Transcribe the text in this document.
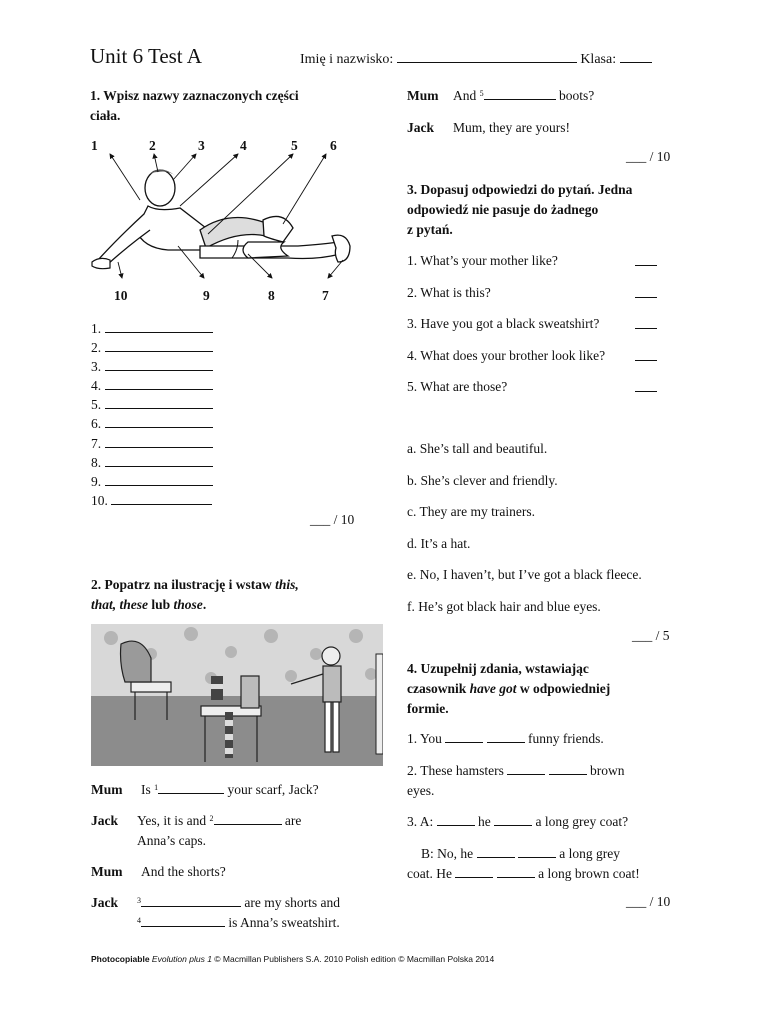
Unit 6 Test A	Imię i nazwisko:	Klasa:
1. Wpisz nazwy zaznaczonych części
ciała.
1	2	3	4	5 6
10	9	8	7
1.
2.
3.
4.
5.
6.
7.
8.
9.
10.
___ / 10
2. Popatrz na ilustrację i wstaw this,
that, these lub those.
Mum Is $^1$	your scarf, Jack?
Jack Yes, it is and $^2$	are
Anna’s caps.
Mum And the shorts?
Jack $^3$	are my shorts and
$^4$	is Anna’s sweatshirt.
Mum And $^5$	boots?
Jack Mum, they are yours!
___ / 10
3. Dopasuj odpowiedzi do pytań. Jedna
odpowiedź nie pasuje do żadnego
z pytań.
1. What’s your mother like?
2. What is this?
3. Have you got a black sweatshirt?
4. What does your brother look like?
5. What are those?
a. She’s tall and beautiful.
b. She’s clever and friendly.
c. They are my trainers.
d. It’s a hat.
e. No, I haven’t, but I’ve got a black fleece.
f. He’s got black hair and blue eyes.
___ / 5
4. Uzupełnij zdania, wstawiając
czasownik have got w odpowiedniej
formie.
1. You	funny friends.
2. These hamsters	brown
eyes.
3. A:	he	a long grey coat?
B: No, he	a long grey
coat. He	a long brown coat!
___ / 10
Photocopiable Evolution plus 1 © Macmillan Publishers S.A. 2010 Polish edition © Macmillan Polska 2014
